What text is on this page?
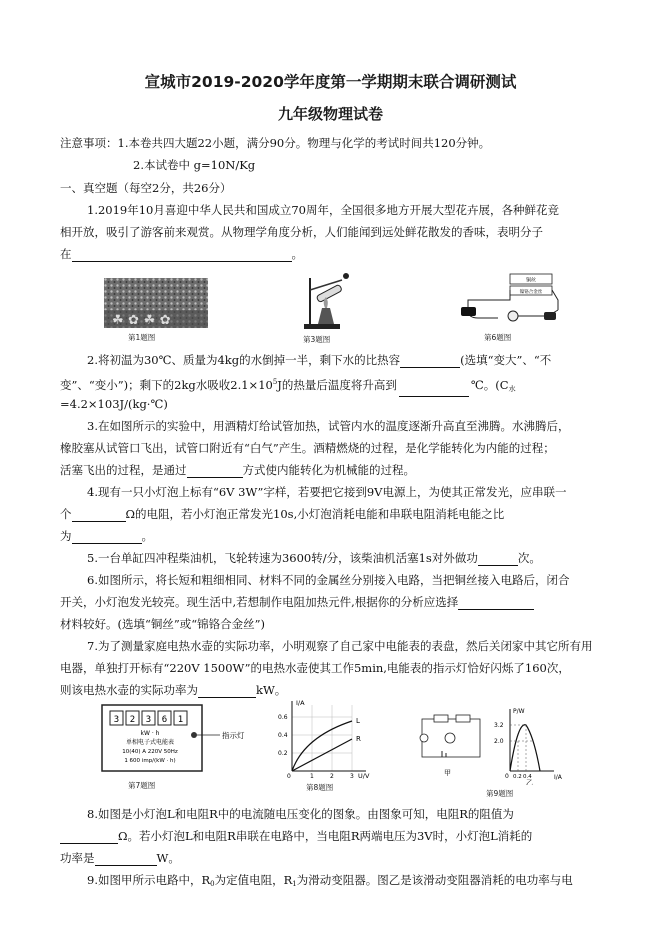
宣城市2019-2020学年度第一学期期末联合调研测试
九年级物理试卷
注意事项：1.本卷共四大题22小题，满分90分。物理与化学的考试时间共120分钟。
2.本试卷中 g=10N/Kg
一、真空题（每空2分，共26分）
1.2019年10月喜迎中华人民共和国成立70周年，全国很多地方开展大型花卉展，各种鲜花竞
相开放，吸引了游客前来观赏。从物理学角度分析，人们能闻到远处鲜花散发的香味，表明分子
在	。
☘ ✿ ☘ ✿
第1题图	第3题图
铜丝
镍铬合金丝
第6题图
2.将初温为30℃、质量为4kg的水倒掉一半，剩下水的比热容	(选填“变大”、“不
变”、“变小”)；剩下的2kg水吸收$2.1\times 10^5J$的热量后温度将升高到	℃。($C_水$
=4.2×103J/(kg·℃)
3.在如图所示的实验中，用酒精灯给试管加热，试管内水的温度逐渐升高直至沸腾。水沸腾后，
橡胶塞从试管口飞出，试管口附近有“白气”产生。酒精燃烧的过程，是化学能转化为内能的过程；
活塞飞出的过程，是通过	方式使内能转化为机械能的过程。
4.现有一只小灯泡上标有“6V 3W”字样，若要把它接到9V电源上，为使其正常发光，应串联一
个	Ω的电阻，若小灯泡正常发光10s,小灯泡消耗电能和串联电阻消耗电能之比
为	。
5.一台单缸四冲程柴油机，飞轮转速为3600转/分，该柴油机活塞1s对外做功	次。
6.如图所示，将长短和粗细相同、材料不同的金属丝分别接入电路，当把铜丝接入电路后，闭合
开关，小灯泡发光较亮。现生活中,若想制作电阻加热元件,根据你的分析应选择
材料较好。(选填“铜丝”或“锦铬合金丝”)
7.为了测量家庭电热水壶的实际功率，小明观察了自己家中电能表的表盘，然后关闭家中其它所有用
电器，单独打开标有“220V 1500W”的电热水壶使其工作5min,电能表的指示灯恰好闪烁了160次，
则该电热水壶的实际功率为	kW。
3 2 3 6 1
kW · h
单相电子式电能表
10(40) A 220V 50Hz
1 600 imp/(kW · h)
指示灯
第7题图
I/A
U/V
0.6
0.4
0.2
0	1	2	3
L
R
第8题图
甲
P/W
I/A
3.2
2.0
0 0.2 0.4
乙
第9题图
8.如图是小灯泡L和电阻R中的电流随电压变化的图象。由图象可知，电阻R的阻值为
Ω。若小灯泡L和电阻R串联在电路中，当电阻R两端电压为3V时，小灯泡L消耗的
功率是	W。
9.如图甲所示电路中，$R_0$为定值电阻，$R_1$为滑动变阻器。图乙是该滑动变阻器消耗的电功率与电
